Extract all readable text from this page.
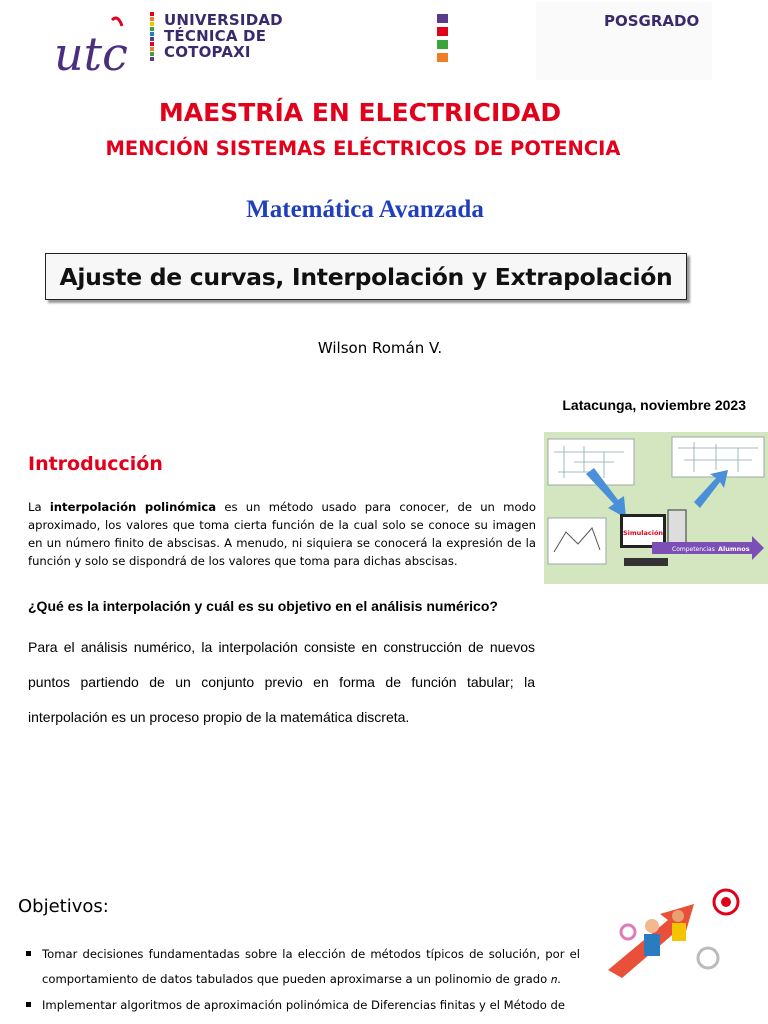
utc
UNIVERSIDAD
TÉCNICA DE
COTOPAXI
POSGRADO
MAESTRÍA EN ELECTRICIDAD
MENCIÓN SISTEMAS ELÉCTRICOS DE POTENCIA
Matemática Avanzada
Ajuste de curvas, Interpolación y Extrapolación
Wilson Román V.
Latacunga, noviembre 2023
Introducción

La interpolación polinómica es un método usado para conocer, de un modo aproximado, los valores que toma cierta función de la cual solo se conoce su imagen en un número finito de abscisas. A menudo, ni siquiera se conocerá la expresión de la función y solo se dispondrá de los valores que toma para dichas abscisas.

¿Qué es la interpolación y cuál es su objetivo en el análisis numérico?

Para el análisis numérico, la interpolación consiste en construcción de nuevos puntos partiendo de un conjunto previo en forma de función tabular; la interpolación es un proceso propio de la matemática discreta.

Simulación
Competencias Alumnos
Objetivos:
Tomar decisiones fundamentadas sobre la elección de métodos típicos de solución, por el comportamiento de datos tabulados que pueden aproximarse a un polinomio de grado 𝑛.
Implementar algoritmos de aproximación polinómica de Diferencias finitas y el Método de
